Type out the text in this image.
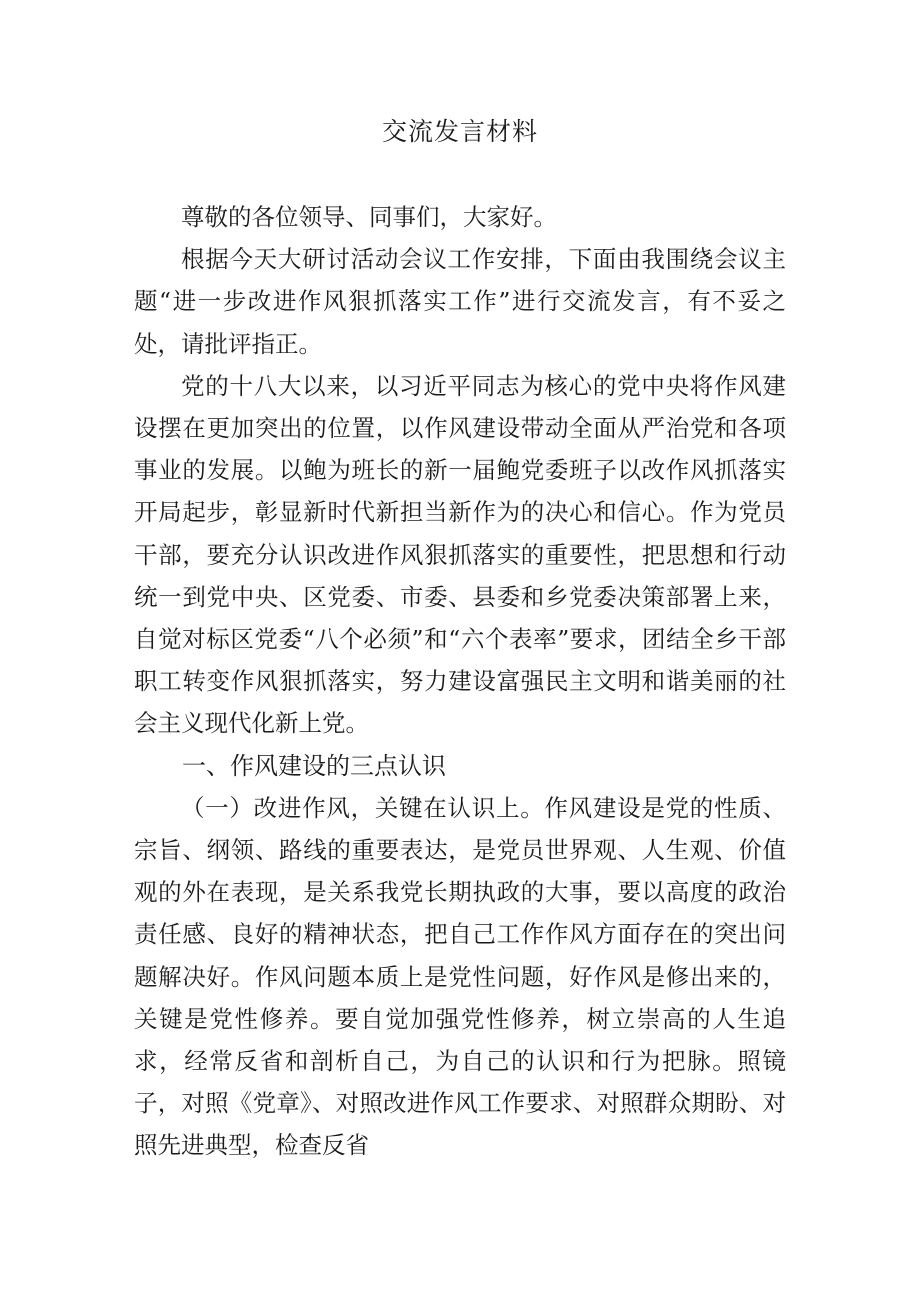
交流发言材料

尊敬的各位领导、同事们，大家好。

根据今天大研讨活动会议工作安排，下面由我围绕会议主题“进一步改进作风狠抓落实工作”进行交流发言，有不妥之处，请批评指正。

党的十八大以来，以习近平同志为核心的党中央将作风建设摆在更加突出的位置，以作风建设带动全面从严治党和各项事业的发展。以鲍为班长的新一届鲍党委班子以改作风抓落实开局起步，彰显新时代新担当新作为的决心和信心。作为党员干部，要充分认识改进作风狠抓落实的重要性，把思想和行动统一到党中央、区党委、市委、县委和乡党委决策部署上来，自觉对标区党委“八个必须”和“六个表率”要求，团结全乡干部职工转变作风狠抓落实，努力建设富强民主文明和谐美丽的社会主义现代化新上党。

一、作风建设的三点认识

（一）改进作风，关键在认识上。作风建设是党的性质、宗旨、纲领、路线的重要表达，是党员世界观、人生观、价值观的外在表现，是关系我党长期执政的大事，要以高度的政治责任感、良好的精神状态，把自己工作作风方面存在的突出问题解决好。作风问题本质上是党性问题，好作风是修出来的，关键是党性修养。要自觉加强党性修养，树立崇高的人生追求，经常反省和剖析自己，为自己的认识和行为把脉。照镜子，对照《党章》、对照改进作风工作要求、对照群众期盼、对照先进典型，检查反省
